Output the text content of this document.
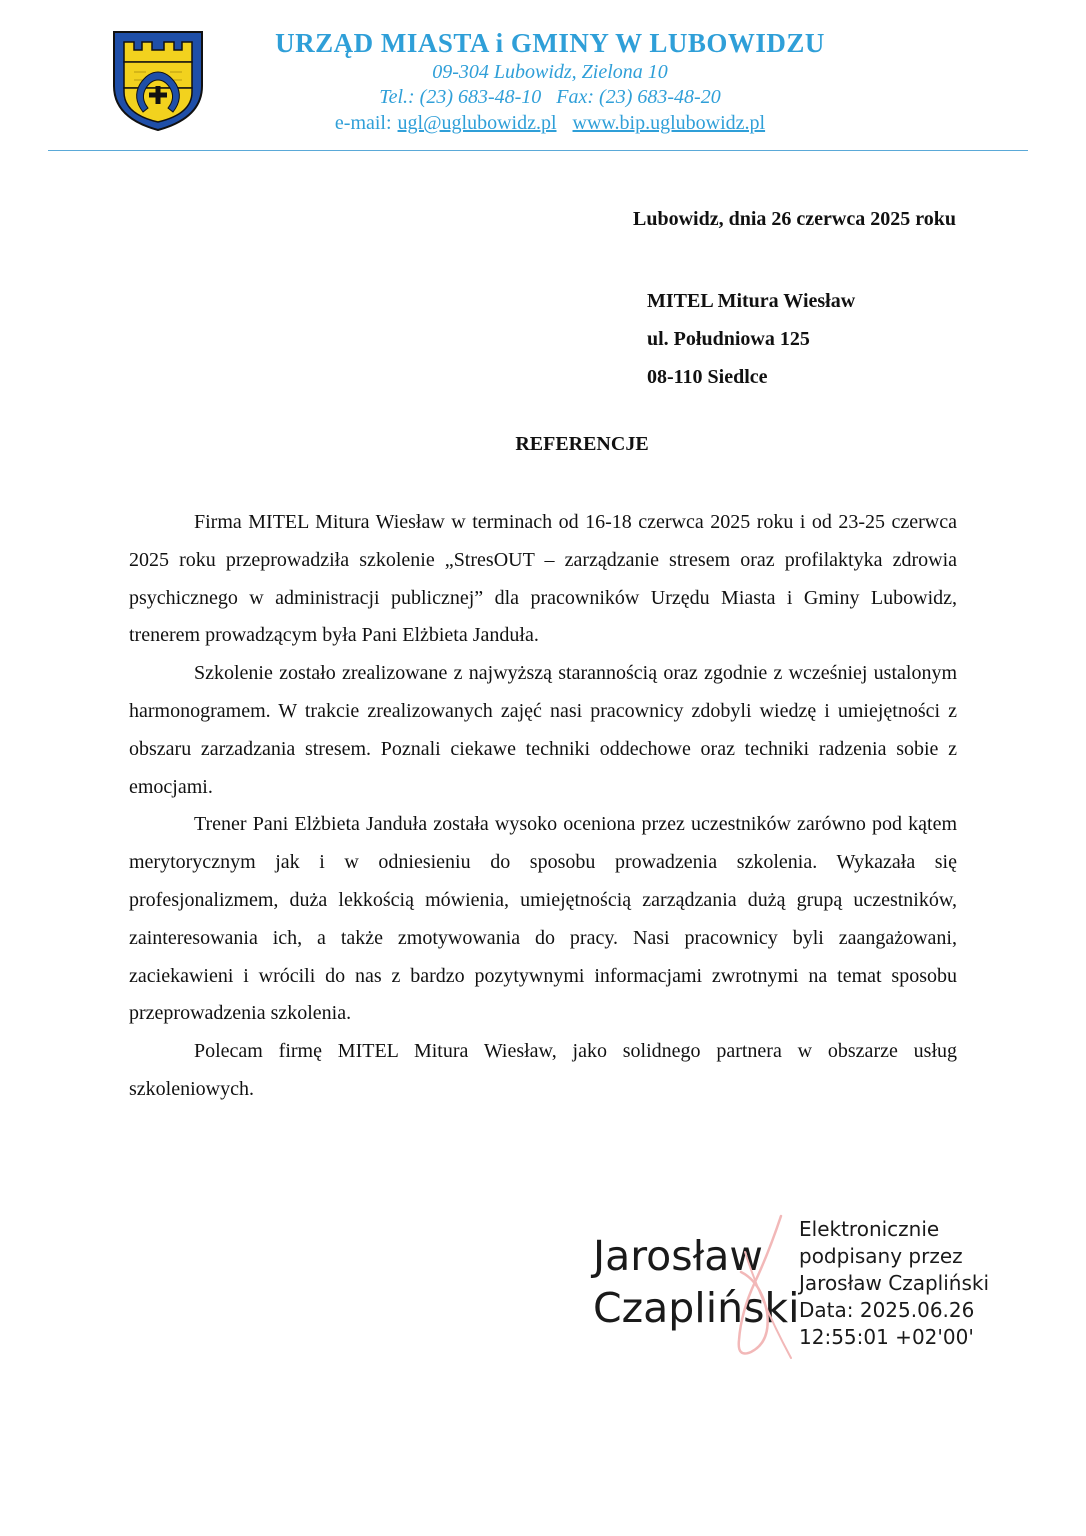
URZĄD MIASTA i GMINY W LUBOWIDZU
09-304 Lubowidz, Zielona 10
Tel.: (23) 683-48-10   Fax: (23) 683-48-20
e-mail: ugl@uglubowidz.pl www.bip.uglubowidz.pl
Lubowidz, dnia 26 czerwca 2025 roku
MITEL Mitura Wiesław
ul. Południowa 125
08-110 Siedlce
REFERENCJE

Firma MITEL Mitura Wiesław w terminach od 16-18 czerwca 2025 roku i od 23-25 czerwca 2025 roku przeprowadziła szkolenie „StresOUT – zarządzanie stresem oraz profilaktyka zdrowia psychicznego w administracji publicznej” dla pracowników Urzędu Miasta i Gminy Lubowidz, trenerem prowadzącym była Pani Elżbieta Janduła.

Szkolenie zostało zrealizowane z najwyższą starannością oraz zgodnie z wcześniej ustalonym harmonogramem. W trakcie zrealizowanych zajęć nasi pracownicy zdobyli wiedzę i umiejętności z obszaru zarzadzania stresem. Poznali ciekawe techniki oddechowe oraz techniki radzenia sobie z emocjami.

Trener Pani Elżbieta Janduła została wysoko oceniona przez uczestników zarówno pod kątem merytorycznym jak i w odniesieniu do sposobu prowadzenia szkolenia. Wykazała się profesjonalizmem, duża lekkością mówienia, umiejętnością zarządzania dużą grupą uczestników, zainteresowania ich, a także zmotywowania do pracy. Nasi pracownicy byli zaangażowani, zaciekawieni i wrócili do nas z bardzo pozytywnymi informacjami zwrotnymi na temat sposobu przeprowadzenia szkolenia.

Polecam firmę MITEL Mitura Wiesław, jako solidnego partnera w obszarze usług szkoleniowych.

Jarosław
Czapliński
Elektronicznie
podpisany przez
Jarosław Czapliński
Data: 2025.06.26
12:55:01 +02'00'
